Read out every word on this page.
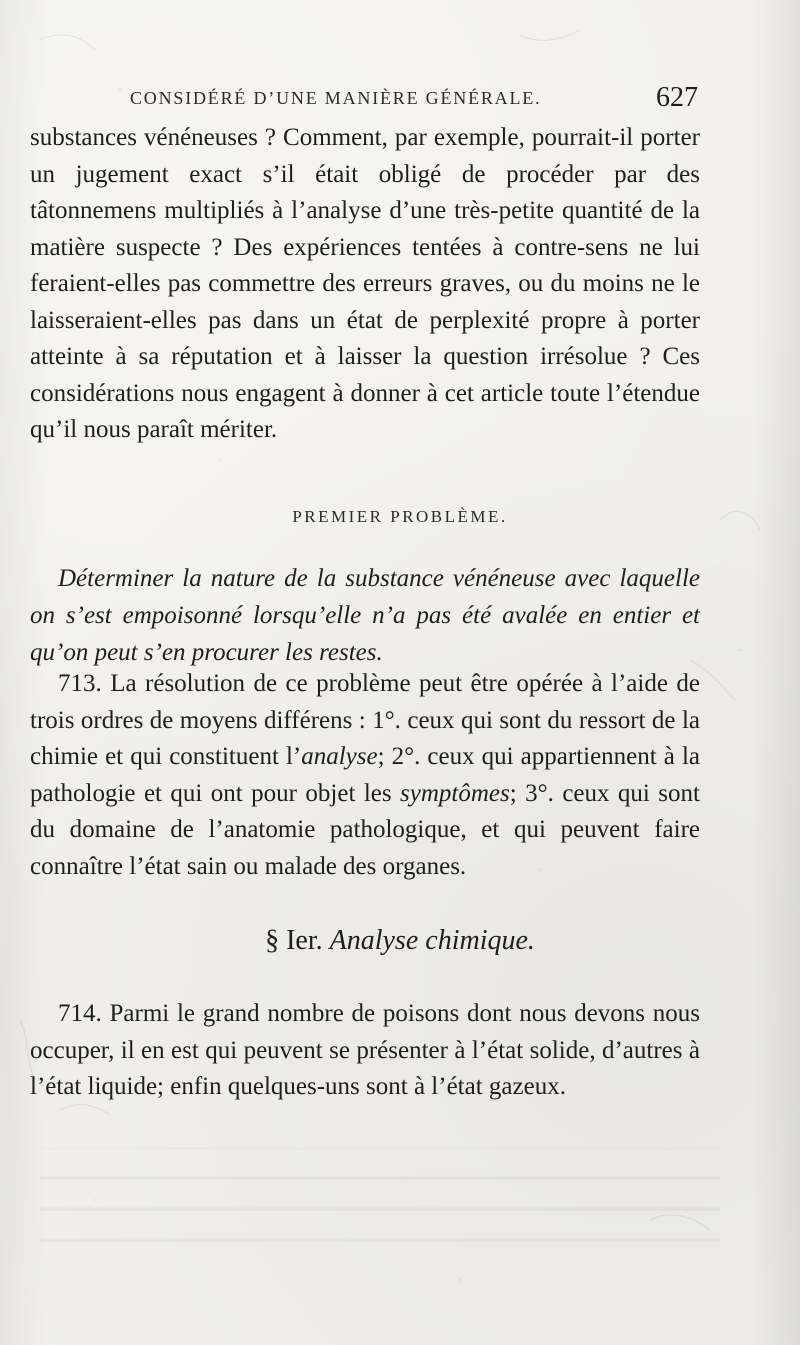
CONSIDÉRÉ D’UNE MANIÈRE GÉNÉRALE.	627
substances vénéneuses ? Comment, par exemple, pourrait-il porter un jugement exact s’il était obligé de procéder par des tâtonnemens multipliés à l’analyse d’une très-petite quantité de la matière suspecte ? Des expériences tentées à contre-sens ne lui feraient-elles pas commettre des erreurs graves, ou du moins ne le laisseraient-elles pas dans un état de perplexité propre à porter atteinte à sa réputation et à laisser la question irrésolue ? Ces considérations nous engagent à donner à cet article toute l’étendue qu’il nous paraît mériter.
PREMIER PROBLÈME.
Déterminer la nature de la substance vénéneuse avec laquelle on s’est empoisonné lorsqu’elle n’a pas été avalée en entier et qu’on peut s’en procurer les restes.
713. La résolution de ce problème peut être opérée à l’aide de trois ordres de moyens différens : 1°. ceux qui sont du ressort de la chimie et qui constituent l’analyse; 2°. ceux qui appartiennent à la pathologie et qui ont pour objet les symptômes; 3°. ceux qui sont du domaine de l’anatomie pathologique, et qui peuvent faire connaître l’état sain ou malade des organes.
§ Ier. Analyse chimique.
714. Parmi le grand nombre de poisons dont nous devons nous occuper, il en est qui peuvent se présenter à l’état solide, d’autres à l’état liquide; enfin quelques-uns sont à l’état gazeux.
